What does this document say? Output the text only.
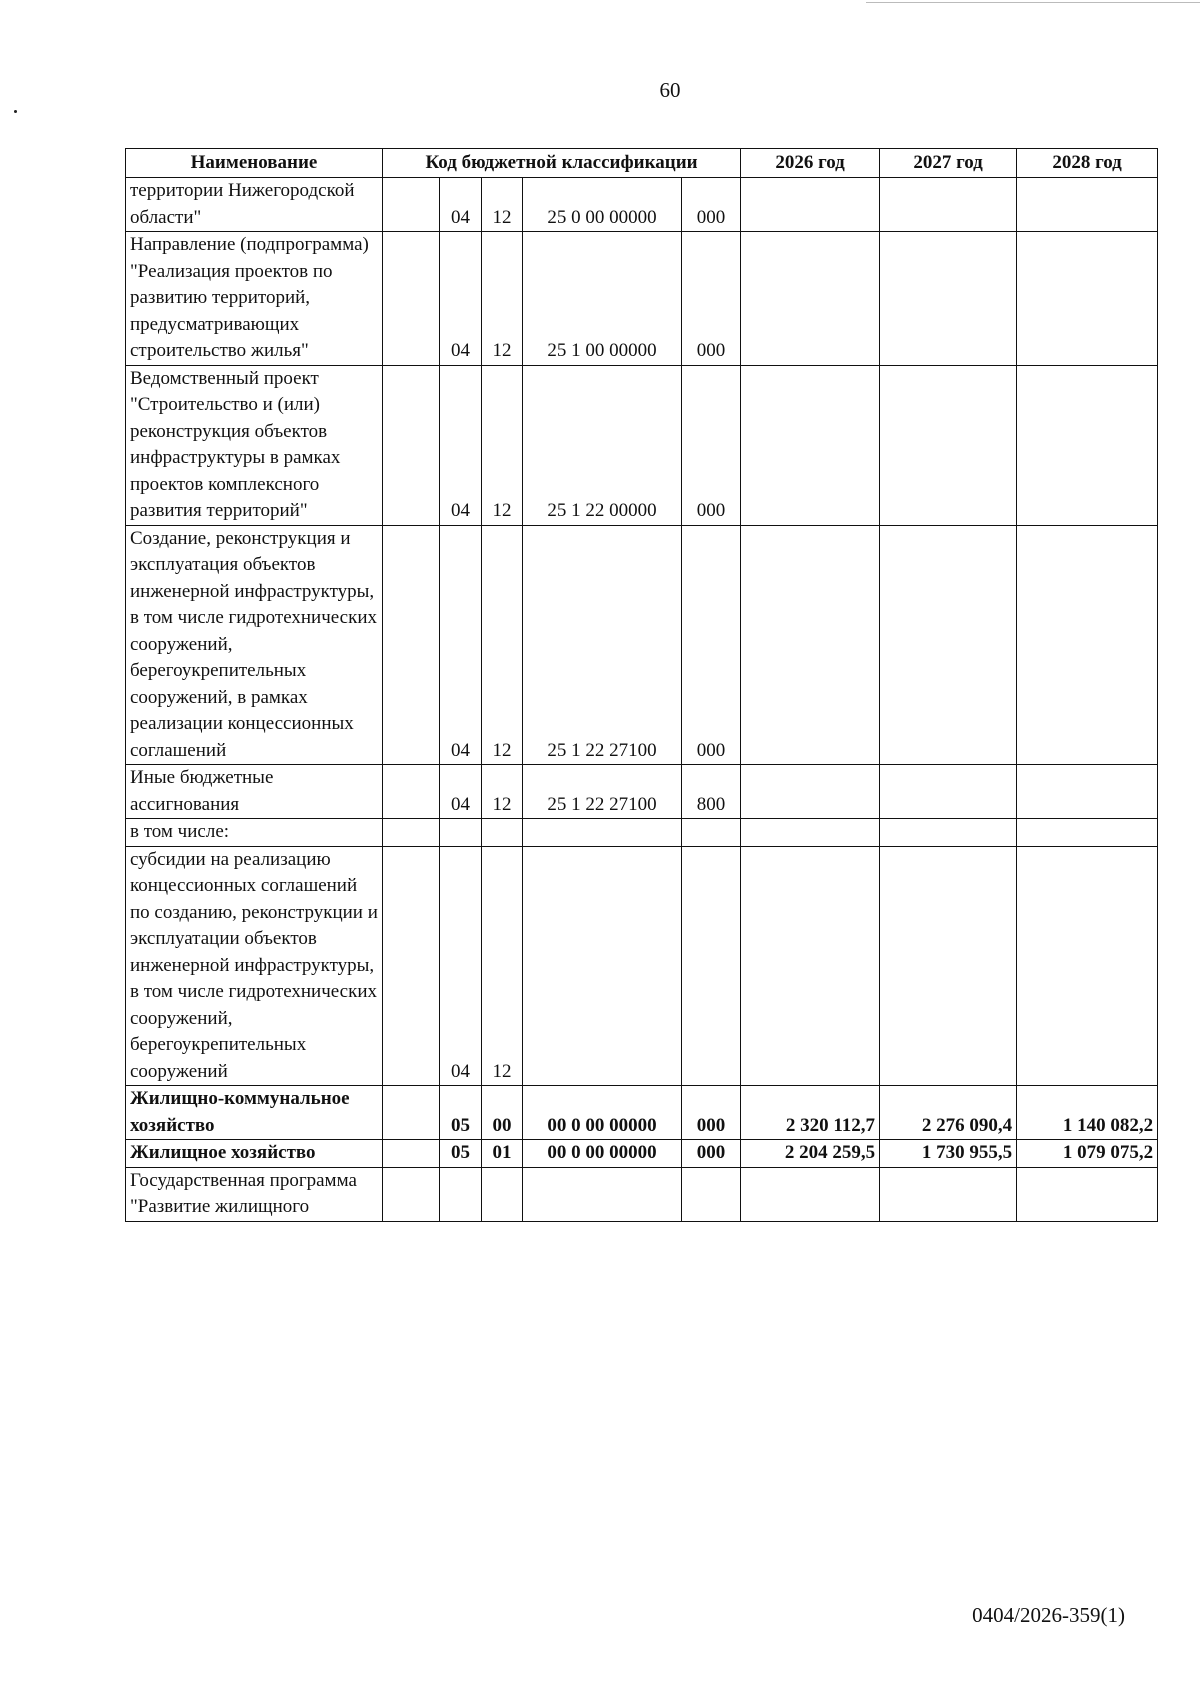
60
Наименование	Код бюджетной классификации					2026 год	2027 год	2028 год
территории Нижегородской области"		04	12	25 0 00 00000	000			
Направление (подпрограмма) "Реализация проектов по развитию территорий, предусматривающих строительство жилья"		04	12	25 1 00 00000	000			
Ведомственный проект "Строительство и (или) реконструкция объектов инфраструктуры в рамках проектов комплексного развития территорий"		04	12	25 1 22 00000	000			
Создание, реконструкция и эксплуатация объектов инженерной инфраструктуры, в том числе гидротехнических сооружений, берегоукрепительных сооружений, в рамках реализации концессионных соглашений		04	12	25 1 22 27100	000			
Иные бюджетные ассигнования		04	12	25 1 22 27100	800			
в том числе:								
субсидии на реализацию концессионных соглашений по созданию, реконструкции и эксплуатации объектов инженерной инфраструктуры, в том числе гидротехнических сооружений, берегоукрепительных сооружений		04	12					
Жилищно-коммунальное хозяйство		05	00	00 0 00 00000	000	2 320 112,7	2 276 090,4	1 140 082,2
Жилищное хозяйство		05	01	00 0 00 00000	000	2 204 259,5	1 730 955,5	1 079 075,2
Государственная программа "Развитие жилищного								
0404/2026-359(1)
